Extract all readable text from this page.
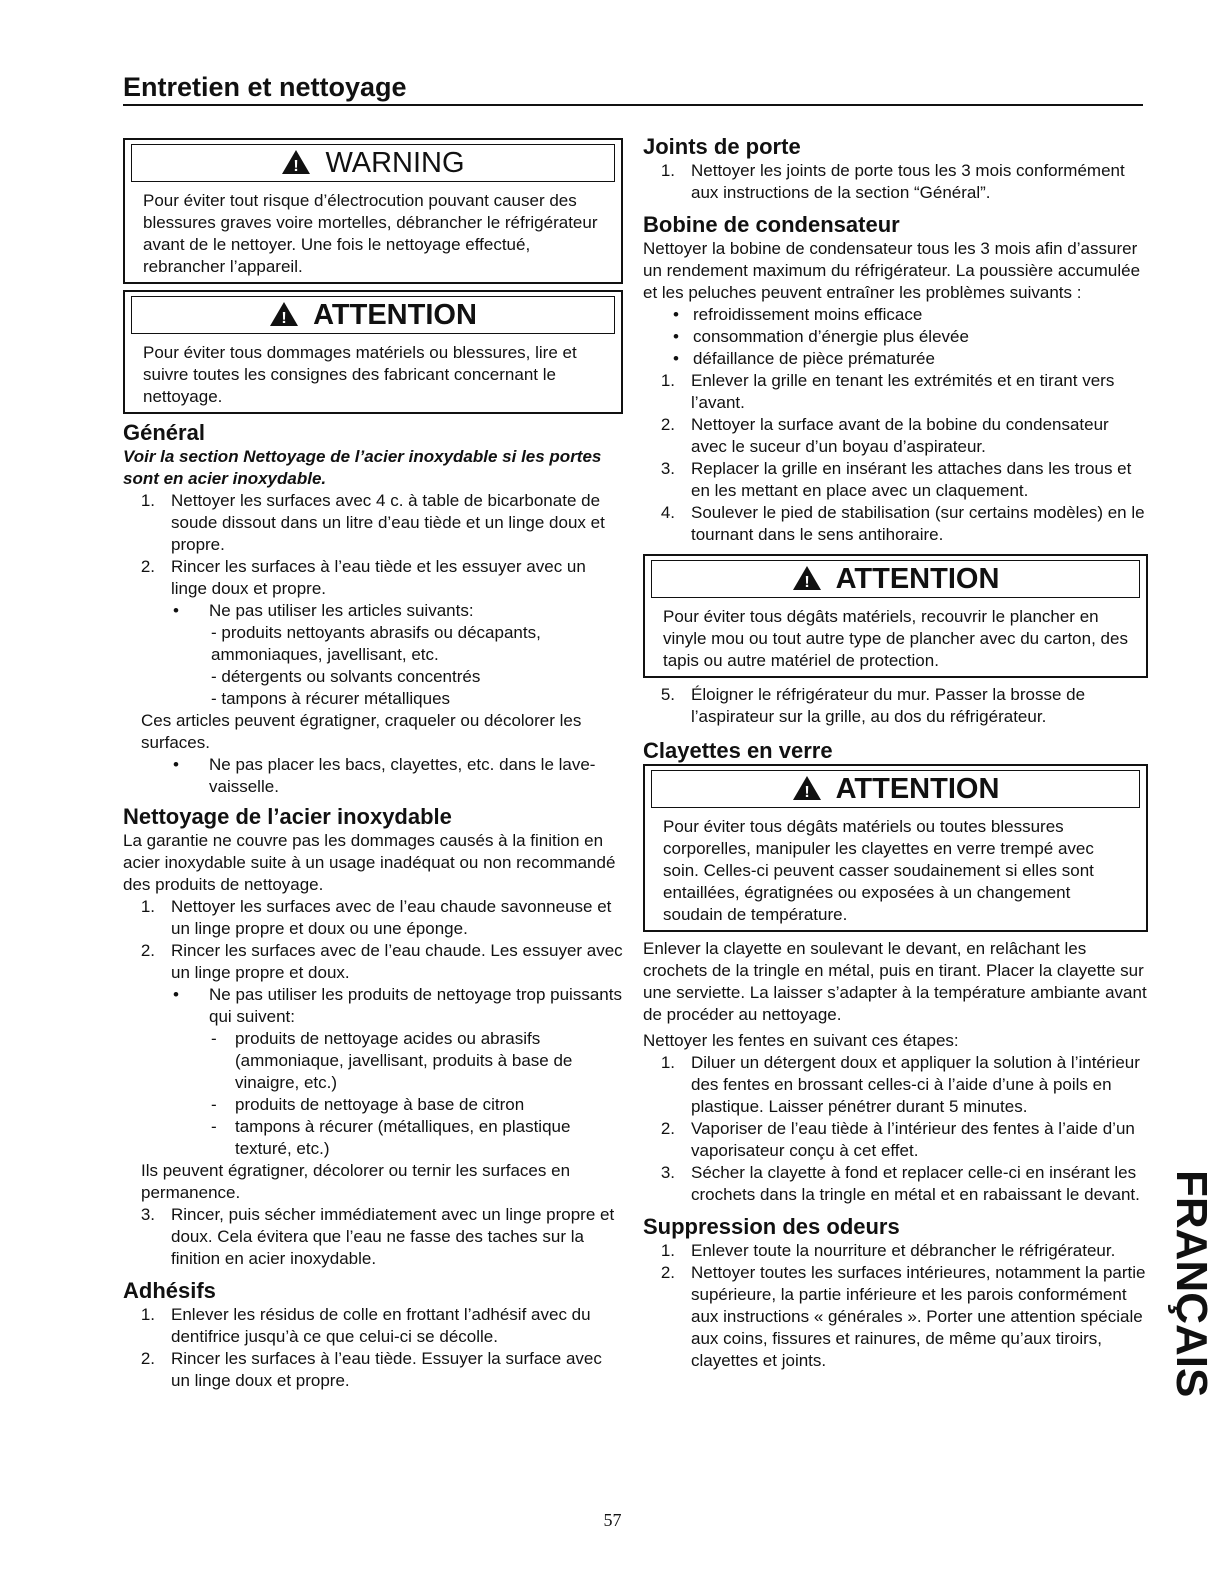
Entretien et nettoyage
! WARNING

Pour éviter tout risque d’électrocution pouvant causer des blessures graves voire mortelles, débrancher le réfrigérateur avant de le nettoyer. Une fois le nettoyage effectué, rebrancher l’appareil.

! ATTENTION

Pour éviter tous dommages matériels ou blessures, lire et suivre toutes les consignes des fabricant concernant le nettoyage.

Général

Voir la section Nettoyage de l’acier inoxydable si les portes sont en acier inoxydable.

1. Nettoyer les surfaces avec 4 c. à table de bicarbonate de soude dissout dans un litre d’eau tiède et un linge doux et propre.
2. Rincer les surfaces à l’eau tiède et les essuyer avec un linge doux et propre.
•	Ne pas utiliser les articles suivants:

- produits nettoyants abrasifs ou décapants, ammoniaques, javellisant, etc.

- détergents ou solvants concentrés

- tampons à récurer métalliques

Ces articles peuvent égratigner, craqueler ou décolorer les surfaces.

•	Ne pas placer les bacs, clayettes, etc. dans le lave-vaisselle.
Nettoyage de l’acier inoxydable

La garantie ne couvre pas les dommages causés à la finition en acier inoxydable suite à un usage inadéquat ou non recommandé des produits de nettoyage.

1. Nettoyer les surfaces avec de l’eau chaude savonneuse et un linge propre et doux ou une éponge.
2. Rincer les surfaces avec de l’eau chaude. Les essuyer avec un linge propre et doux.
•	Ne pas utiliser les produits de nettoyage trop puissants qui suivent:
-	produits de nettoyage acides ou abrasifs (ammoniaque, javellisant, produits à base de vinaigre, etc.)
-	produits de nettoyage à base de citron
-	tampons à récurer (métalliques, en plastique texturé, etc.)

Ils peuvent égratigner, décolorer ou ternir les surfaces en permanence.

3. Rincer, puis sécher immédiatement avec un linge propre et doux. Cela évitera que l’eau ne fasse des taches sur la finition en acier inoxydable.
Adhésifs
1. Enlever les résidus de colle en frottant l’adhésif avec du dentifrice jusqu’à ce que celui-ci se décolle.
2. Rincer les surfaces à l’eau tiède. Essuyer la surface avec un linge doux et propre.
Joints de porte
1. Nettoyer les joints de porte tous les 3 mois conformément aux instructions de la section “Général”.
Bobine de condensateur

Nettoyer la bobine de condensateur tous les 3 mois afin d’assurer un rendement maximum du réfrigérateur. La poussière accumulée et les peluches peuvent entraîner les problèmes suivants :

• refroidissement moins efficace
• consommation d’énergie plus élevée
• défaillance de pièce prématurée
1. Enlever la grille en tenant les extrémités et en tirant vers l’avant.
2. Nettoyer la surface avant de la bobine du condensateur avec le suceur d’un boyau d’aspirateur.
3. Replacer la grille en insérant les attaches dans les trous et en les mettant en place avec un claquement.
4. Soulever le pied de stabilisation (sur certains modèles) en le tournant dans le sens antihoraire.
! ATTENTION

Pour éviter tous dégâts matériels, recouvrir le plancher en vinyle mou ou tout autre type de plancher avec du carton, des tapis ou autre matériel de protection.

5. Éloigner le réfrigérateur du mur. Passer la brosse de l’aspirateur sur la grille, au dos du réfrigérateur.
Clayettes en verre
! ATTENTION

Pour éviter tous dégâts matériels ou toutes blessures corporelles, manipuler les clayettes en verre trempé avec soin. Celles-ci peuvent casser soudainement si elles sont entaillées, égratignées ou exposées à un changement soudain de température.

Enlever la clayette en soulevant le devant, en relâchant les crochets de la tringle en métal, puis en tirant. Placer la clayette sur une serviette. La laisser s’adapter à la température ambiante avant de procéder au nettoyage.

Nettoyer les fentes en suivant ces étapes:

1. Diluer un détergent doux et appliquer la solution à l’intérieur des fentes en brossant celles-ci à l’aide d’une à poils en plastique. Laisser pénétrer durant 5 minutes.
2. Vaporiser de l’eau tiède à l’intérieur des fentes à l’aide d’un vaporisateur conçu à cet effet.
3. Sécher la clayette à fond et replacer celle-ci en insérant les crochets dans la tringle en métal et en rabaissant le devant.
Suppression des odeurs
1. Enlever toute la nourriture et débrancher le réfrigérateur.
2. Nettoyer toutes les surfaces intérieures, notamment la partie supérieure, la partie inférieure et les parois conformément aux instructions « générales ». Porter une attention spéciale aux coins, fissures et rainures, de même qu’aux tiroirs, clayettes et joints.
57
FRANÇAIS
